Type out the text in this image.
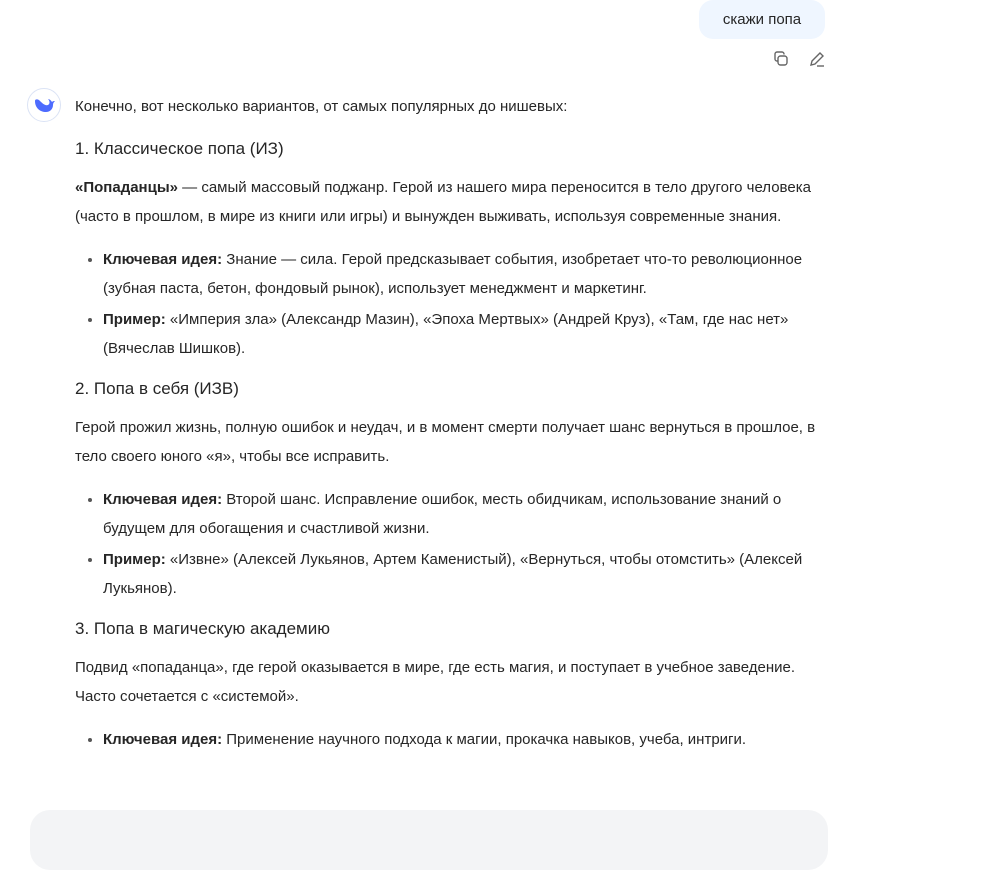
скажи попа

Конечно, вот несколько вариантов, от самых популярных до нишевых:

1. Классическое попа (ИЗ)

«Попаданцы» — самый массовый поджанр. Герой из нашего мира переносится в тело другого человека (часто в прошлом, в мире из книги или игры) и вынужден выживать, используя современные знания.

• Ключевая идея: Знание — сила. Герой предсказывает события, изобретает что-то революционное (зубная паста, бетон, фондовый рынок), использует менеджмент и маркетинг.
• Пример: «Империя зла» (Александр Мазин), «Эпоха Мертвых» (Андрей Круз), «Там, где нас нет» (Вячеслав Шишков).
2. Попа в себя (ИЗВ)

Герой прожил жизнь, полную ошибок и неудач, и в момент смерти получает шанс вернуться в прошлое, в тело своего юного «я», чтобы все исправить.

• Ключевая идея: Второй шанс. Исправление ошибок, месть обидчикам, использование знаний о будущем для обогащения и счастливой жизни.
• Пример: «Извне» (Алексей Лукьянов, Артем Каменистый), «Вернуться, чтобы отомстить» (Алексей Лукьянов).
3. Попа в магическую академию

Подвид «попаданца», где герой оказывается в мире, где есть магия, и поступает в учебное заведение. Часто сочетается с «системой».

• Ключевая идея: Применение научного подхода к магии, прокачка навыков, учеба, интриги.
